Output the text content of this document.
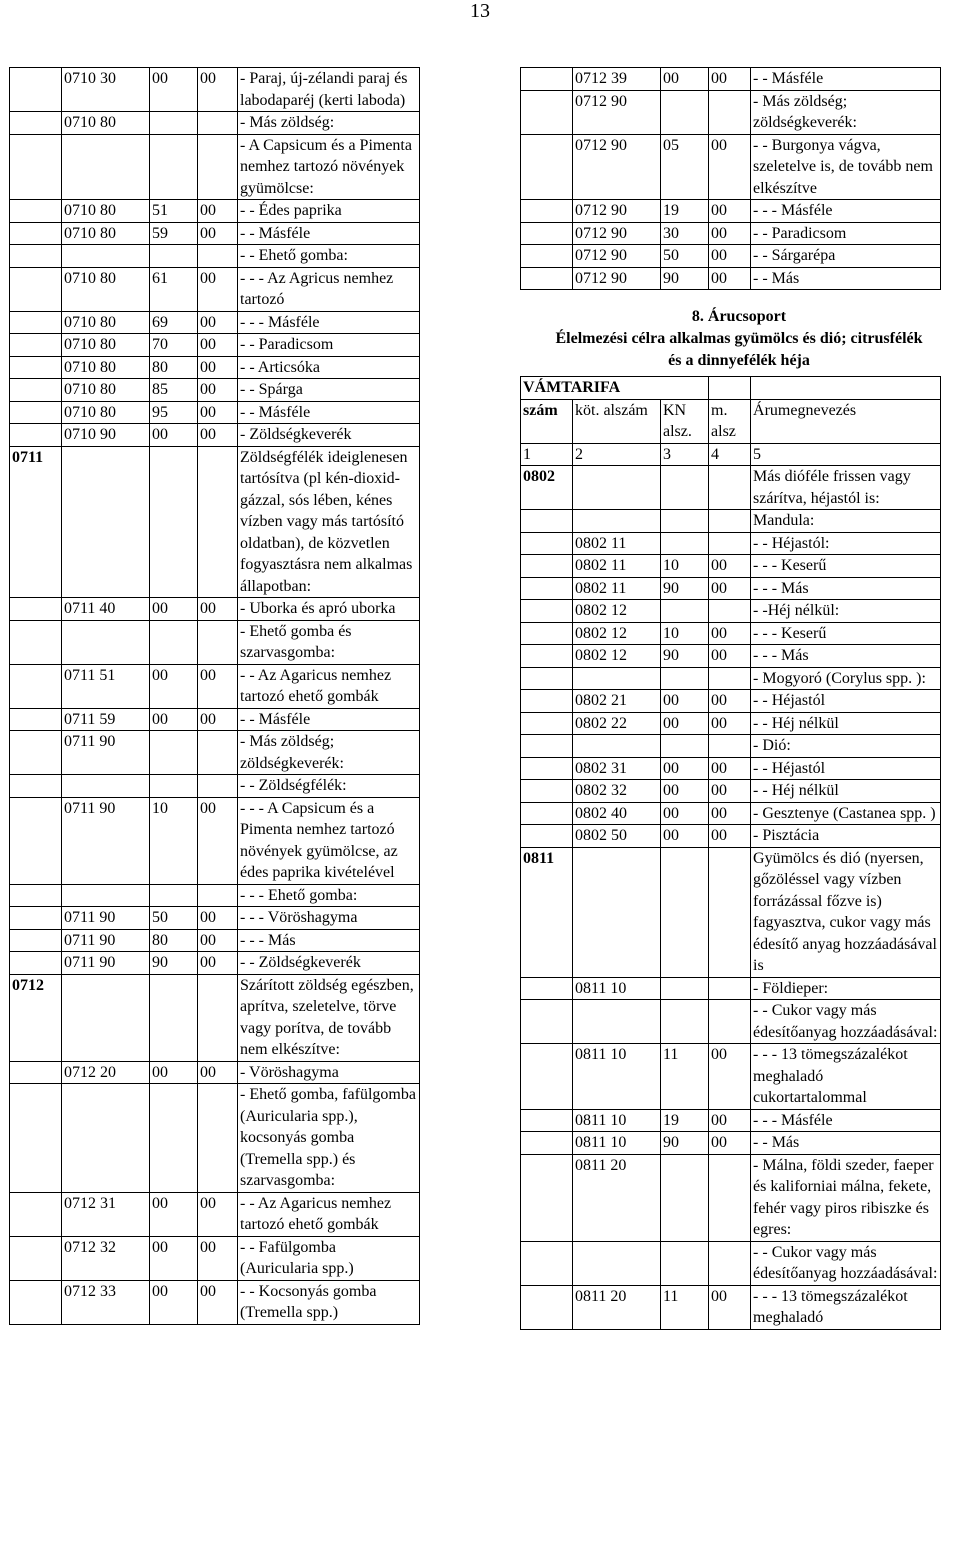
13
	0710 30	00	00	- Paraj, új-zélandi paraj és labodaparéj (kerti laboda)
	0710 80			- Más zöldség:
				- A Capsicum és a Pimenta nemhez tartozó növények gyümölcse:
	0710 80	51	00	- - Édes paprika
	0710 80	59	00	- - Másféle
				- - Ehető gomba:
	0710 80	61	00	- - - Az Agricus nemhez tartozó
	0710 80	69	00	- - - Másféle
	0710 80	70	00	- - Paradicsom
	0710 80	80	00	- - Articsóka
	0710 80	85	00	- - Spárga
	0710 80	95	00	- - Másféle
	0710 90	00	00	- Zöldségkeverék
0711				Zöldségfélék ideiglenesen tartósítva (pl kén-dioxid-gázzal, sós lében, kénes vízben vagy más tartósító oldatban), de közvetlen fogyasztásra nem alkalmas állapotban:
	0711 40	00	00	- Uborka és apró uborka
				- Ehető gomba és szarvasgomba:
	0711 51	00	00	- - Az Agaricus nemhez tartozó ehető gombák
	0711 59	00	00	- - Másféle
	0711 90			- Más zöldség; zöldségkeverék:
				- - Zöldségfélék:
	0711 90	10	00	- - - A Capsicum és a Pimenta nemhez tartozó növények gyümölcse, az édes paprika kivételével
				- - - Ehető gomba:
	0711 90	50	00	- - - Vöröshagyma
	0711 90	80	00	- - - Más
	0711 90	90	00	- - Zöldségkeverék
0712				Szárított zöldség egészben, aprítva, szeletelve, törve vagy porítva, de tovább nem elkészítve:
	0712 20	00	00	- Vöröshagyma
				- Ehető gomba, fafülgomba (Auricularia spp.), kocsonyás gomba (Tremella spp.) és szarvasgomba:
	0712 31	00	00	- - Az Agaricus nemhez tartozó ehető gombák
	0712 32	00	00	- - Fafülgomba (Auricularia spp.)
	0712 33	00	00	- - Kocsonyás gomba (Tremella spp.)
	0712 39	00	00	- - Másféle
	0712 90			- Más zöldség; zöldségkeverék:
	0712 90	05	00	- - Burgonya vágva, szeletelve is, de tovább nem elkészítve
	0712 90	19	00	- - - Másféle
	0712 90	30	00	- - Paradicsom
	0712 90	50	00	- - Sárgarépa
	0712 90	90	00	- - Más
8. Árucsoport
Élelmezési célra alkalmas gyümölcs és dió; citrusfélék
és a dinnyefélék héja
VÁMTARIFA				
szám	köt. alszám	KN alsz.	m. alsz	Árumegnevezés
1	2	3	4	5
0802				Más dióféle frissen vagy szárítva, héjastól is:
				Mandula:
	0802 11			- - Héjastól:
	0802 11	10	00	- - - Keserű
	0802 11	90	00	- - - Más
	0802 12			- -Héj nélkül:
	0802 12	10	00	- - - Keserű
	0802 12	90	00	- - - Más
				- Mogyoró (Corylus spp. ):
	0802 21	00	00	- - Héjastól
	0802 22	00	00	- - Héj nélkül
				- Dió:
	0802 31	00	00	- - Héjastól
	0802 32	00	00	- - Héj nélkül
	0802 40	00	00	- Gesztenye (Castanea spp. )
	0802 50	00	00	- Pisztácia
0811				Gyümölcs és dió (nyersen, gőzöléssel vagy vízben forrázással főzve is) fagyasztva, cukor vagy más édesítő anyag hozzáadásával is
	0811 10			- Földieper:
				- - Cukor vagy más édesítőanyag hozzáadásával:
	0811 10	11	00	- - - 13 tömegszázalékot meghaladó cukortartalommal
	0811 10	19	00	- - - Másféle
	0811 10	90	00	- - Más
	0811 20			- Málna, földi szeder, faeper és kaliforniai málna, fekete, fehér vagy piros ribiszke és egres:
				- - Cukor vagy más édesítőanyag hozzáadásával:
	0811 20	11	00	- - - 13 tömegszázalékot meghaladó
